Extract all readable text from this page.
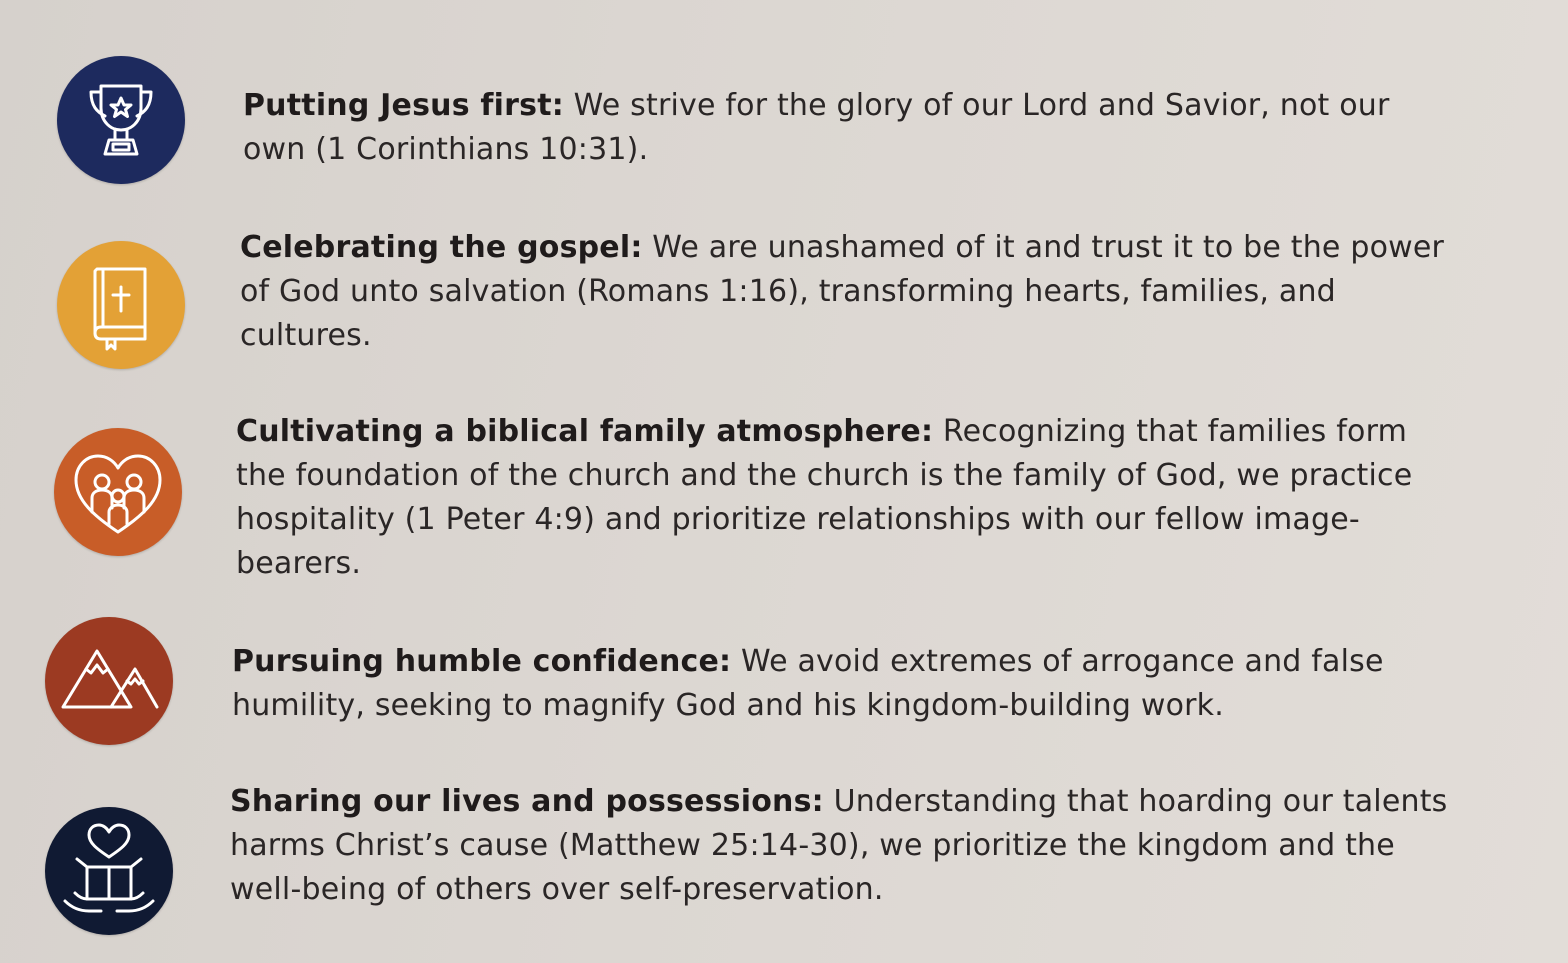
Putting Jesus first: We strive for the glory of our Lord and Savior, not our own (1 Corinthians 10:31).

Celebrating the gospel: We are unashamed of it and trust it to be the power of God unto salvation (Romans 1:16), transforming hearts, families, and cultures.

Cultivating a biblical family atmosphere: Recognizing that families form the foundation of the church and the church is the family of God, we practice hospitality (1 Peter 4:9) and prioritize relationships with our fellow image-bearers.

Pursuing humble confidence: We avoid extremes of arrogance and false humility, seeking to magnify God and his kingdom-building work.

Sharing our lives and possessions: Understanding that hoarding our talents harms Christ’s cause (Matthew 25:14-30), we prioritize the kingdom and the well-being of others over self-preservation.
